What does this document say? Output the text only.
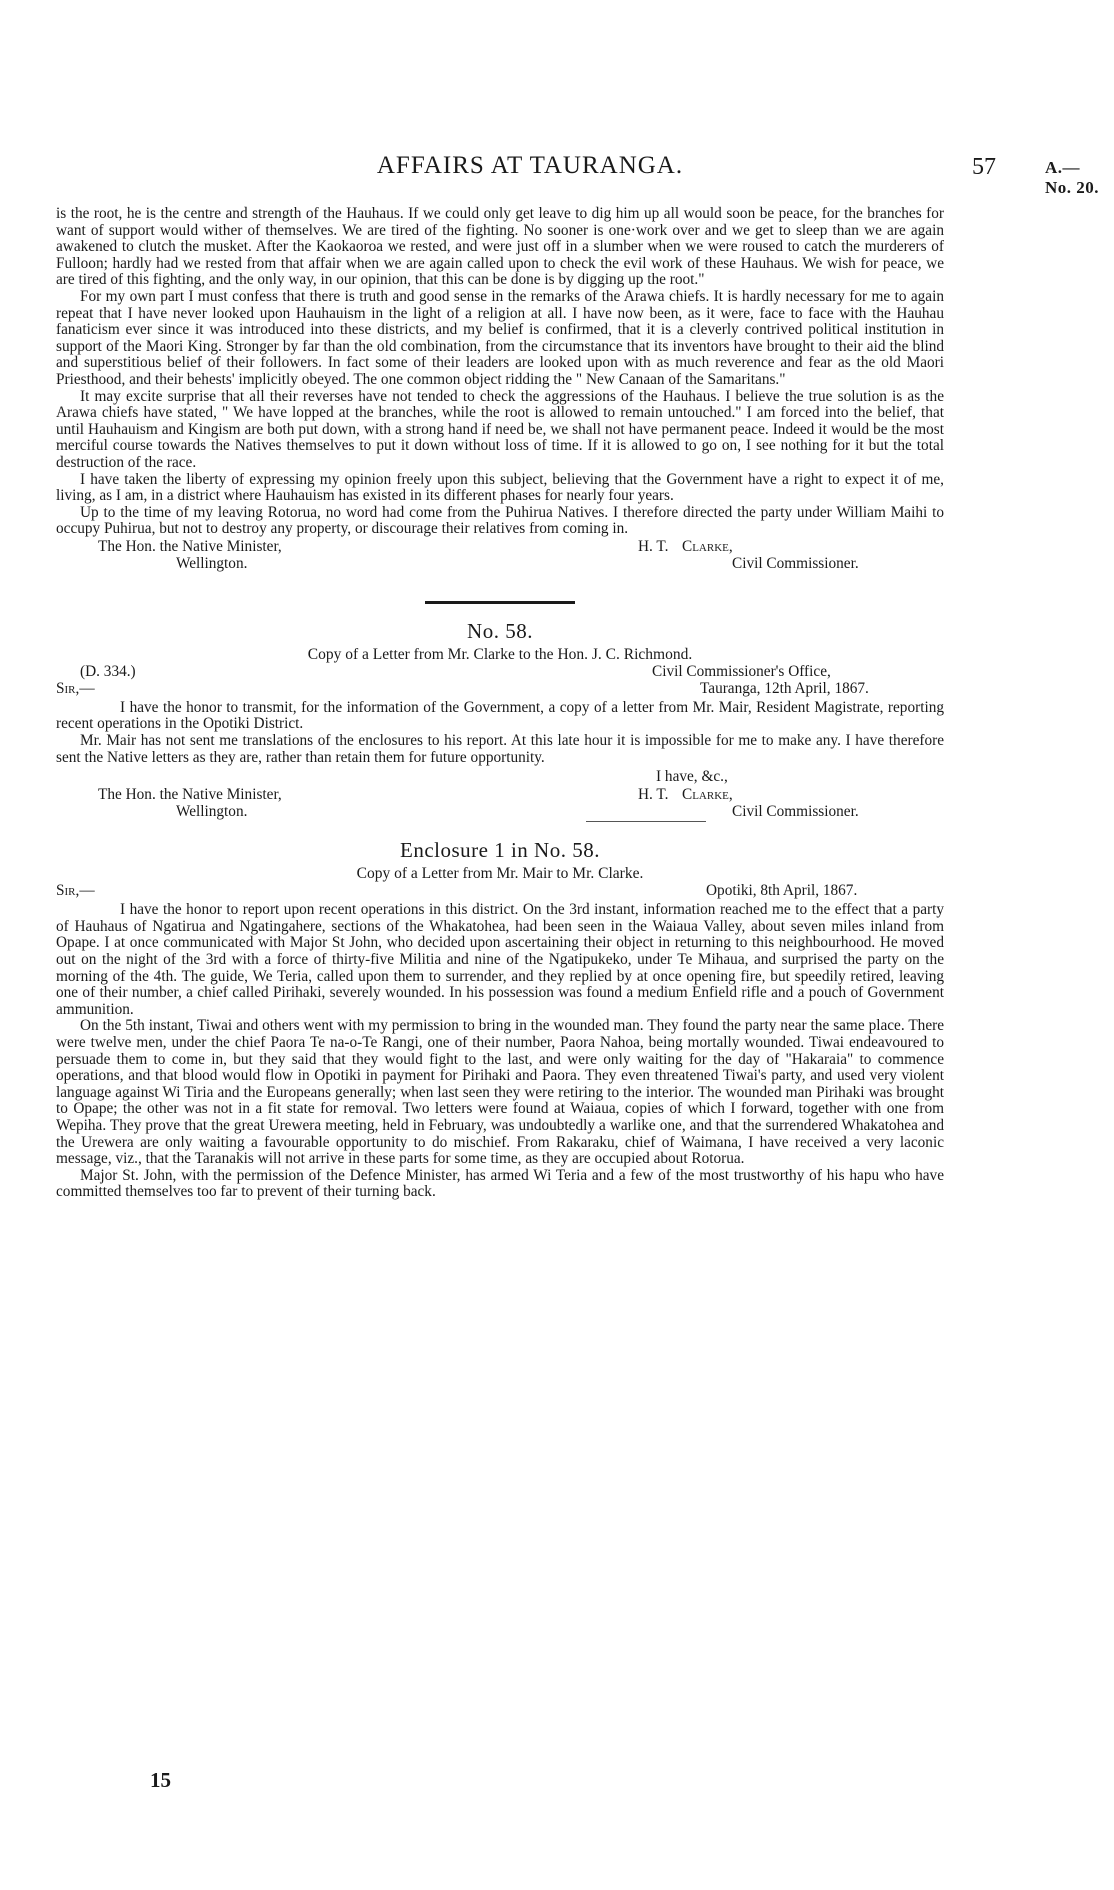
AFFAIRS AT TAURANGA.	57	A.—No. 20.

is the root, he is the centre and strength of the Hauhaus. If we could only get leave to dig him up all would soon be peace, for the branches for want of support would wither of themselves. We are tired of the fighting. No sooner is one·work over and we get to sleep than we are again awakened to clutch the musket. After the Kaokaoroa we rested, and were just off in a slumber when we were roused to catch the murderers of Fulloon; hardly had we rested from that affair when we are again called upon to check the evil work of these Hauhaus. We wish for peace, we are tired of this fighting, and the only way, in our opinion, that this can be done is by digging up the root."

For my own part I must confess that there is truth and good sense in the remarks of the Arawa chiefs. It is hardly necessary for me to again repeat that I have never looked upon Hauhauism in the light of a religion at all. I have now been, as it were, face to face with the Hauhau fanaticism ever since it was introduced into these districts, and my belief is confirmed, that it is a cleverly contrived political institution in support of the Maori King. Stronger by far than the old combination, from the circumstance that its inventors have brought to their aid the blind and superstitious belief of their followers. In fact some of their leaders are looked upon with as much reverence and fear as the old Maori Priesthood, and their behests' implicitly obeyed. The one common object ridding the " New Canaan of the Samaritans."

It may excite surprise that all their reverses have not tended to check the aggressions of the Hauhaus. I believe the true solution is as the Arawa chiefs have stated, " We have lopped at the branches, while the root is allowed to remain untouched." I am forced into the belief, that until Hauhauism and Kingism are both put down, with a strong hand if need be, we shall not have permanent peace. Indeed it would be the most merciful course towards the Natives themselves to put it down without loss of time. If it is allowed to go on, I see nothing for it but the total destruction of the race.

I have taken the liberty of expressing my opinion freely upon this subject, believing that the Government have a right to expect it of me, living, as I am, in a district where Hauhauism has existed in its different phases for nearly four years.

Up to the time of my leaving Rotorua, no word had come from the Puhirua Natives. I therefore directed the party under William Maihi to occupy Puhirua, but not to destroy any property, or discourage their relatives from coming in.

The Hon. the Native Minister,
Wellington.
H. T. Clarke,
Civil Commissioner.
No. 58.
Copy of a Letter from Mr. Clarke to the Hon. J. C. Richmond.
(D. 334.)
Sir,—
Civil Commissioner's Office,
Tauranga, 12th April, 1867.

I have the honor to transmit, for the information of the Government, a copy of a letter from Mr. Mair, Resident Magistrate, reporting recent operations in the Opotiki District.

Mr. Mair has not sent me translations of the enclosures to his report. At this late hour it is impossible for me to make any. I have therefore sent the Native letters as they are, rather than retain them for future opportunity.

I have, &c.,
The Hon. the Native Minister,
Wellington.
H. T. Clarke,
Civil Commissioner.
Enclosure 1 in No. 58.
Copy of a Letter from Mr. Mair to Mr. Clarke.
Sir,—	Opotiki, 8th April, 1867.

I have the honor to report upon recent operations in this district. On the 3rd instant, information reached me to the effect that a party of Hauhaus of Ngatirua and Ngatingahere, sections of the Whakatohea, had been seen in the Waiaua Valley, about seven miles inland from Opape. I at once communicated with Major St John, who decided upon ascertaining their object in returning to this neighbourhood. He moved out on the night of the 3rd with a force of thirty-five Militia and nine of the Ngatipukeko, under Te Mihaua, and surprised the party on the morning of the 4th. The guide, We Teria, called upon them to surrender, and they replied by at once opening fire, but speedily retired, leaving one of their number, a chief called Pirihaki, severely wounded. In his possession was found a medium Enfield rifle and a pouch of Government ammunition.

On the 5th instant, Tiwai and others went with my permission to bring in the wounded man. They found the party near the same place. There were twelve men, under the chief Paora Te na-o-Te Rangi, one of their number, Paora Nahoa, being mortally wounded. Tiwai endeavoured to persuade them to come in, but they said that they would fight to the last, and were only waiting for the day of "Hakaraia" to commence operations, and that blood would flow in Opotiki in payment for Pirihaki and Paora. They even threatened Tiwai's party, and used very violent language against Wi Tiria and the Europeans generally; when last seen they were retiring to the interior. The wounded man Pirihaki was brought to Opape; the other was not in a fit state for removal. Two letters were found at Waiaua, copies of which I forward, together with one from Wepiha. They prove that the great Urewera meeting, held in February, was undoubtedly a warlike one, and that the surrendered Whakatohea and the Urewera are only waiting a favourable opportunity to do mischief. From Rakaraku, chief of Waimana, I have received a very laconic message, viz., that the Taranakis will not arrive in these parts for some time, as they are occupied about Rotorua.

Major St. John, with the permission of the Defence Minister, has armed Wi Teria and a few of the most trustworthy of his hapu who have committed themselves too far to prevent of their turning back.

15
